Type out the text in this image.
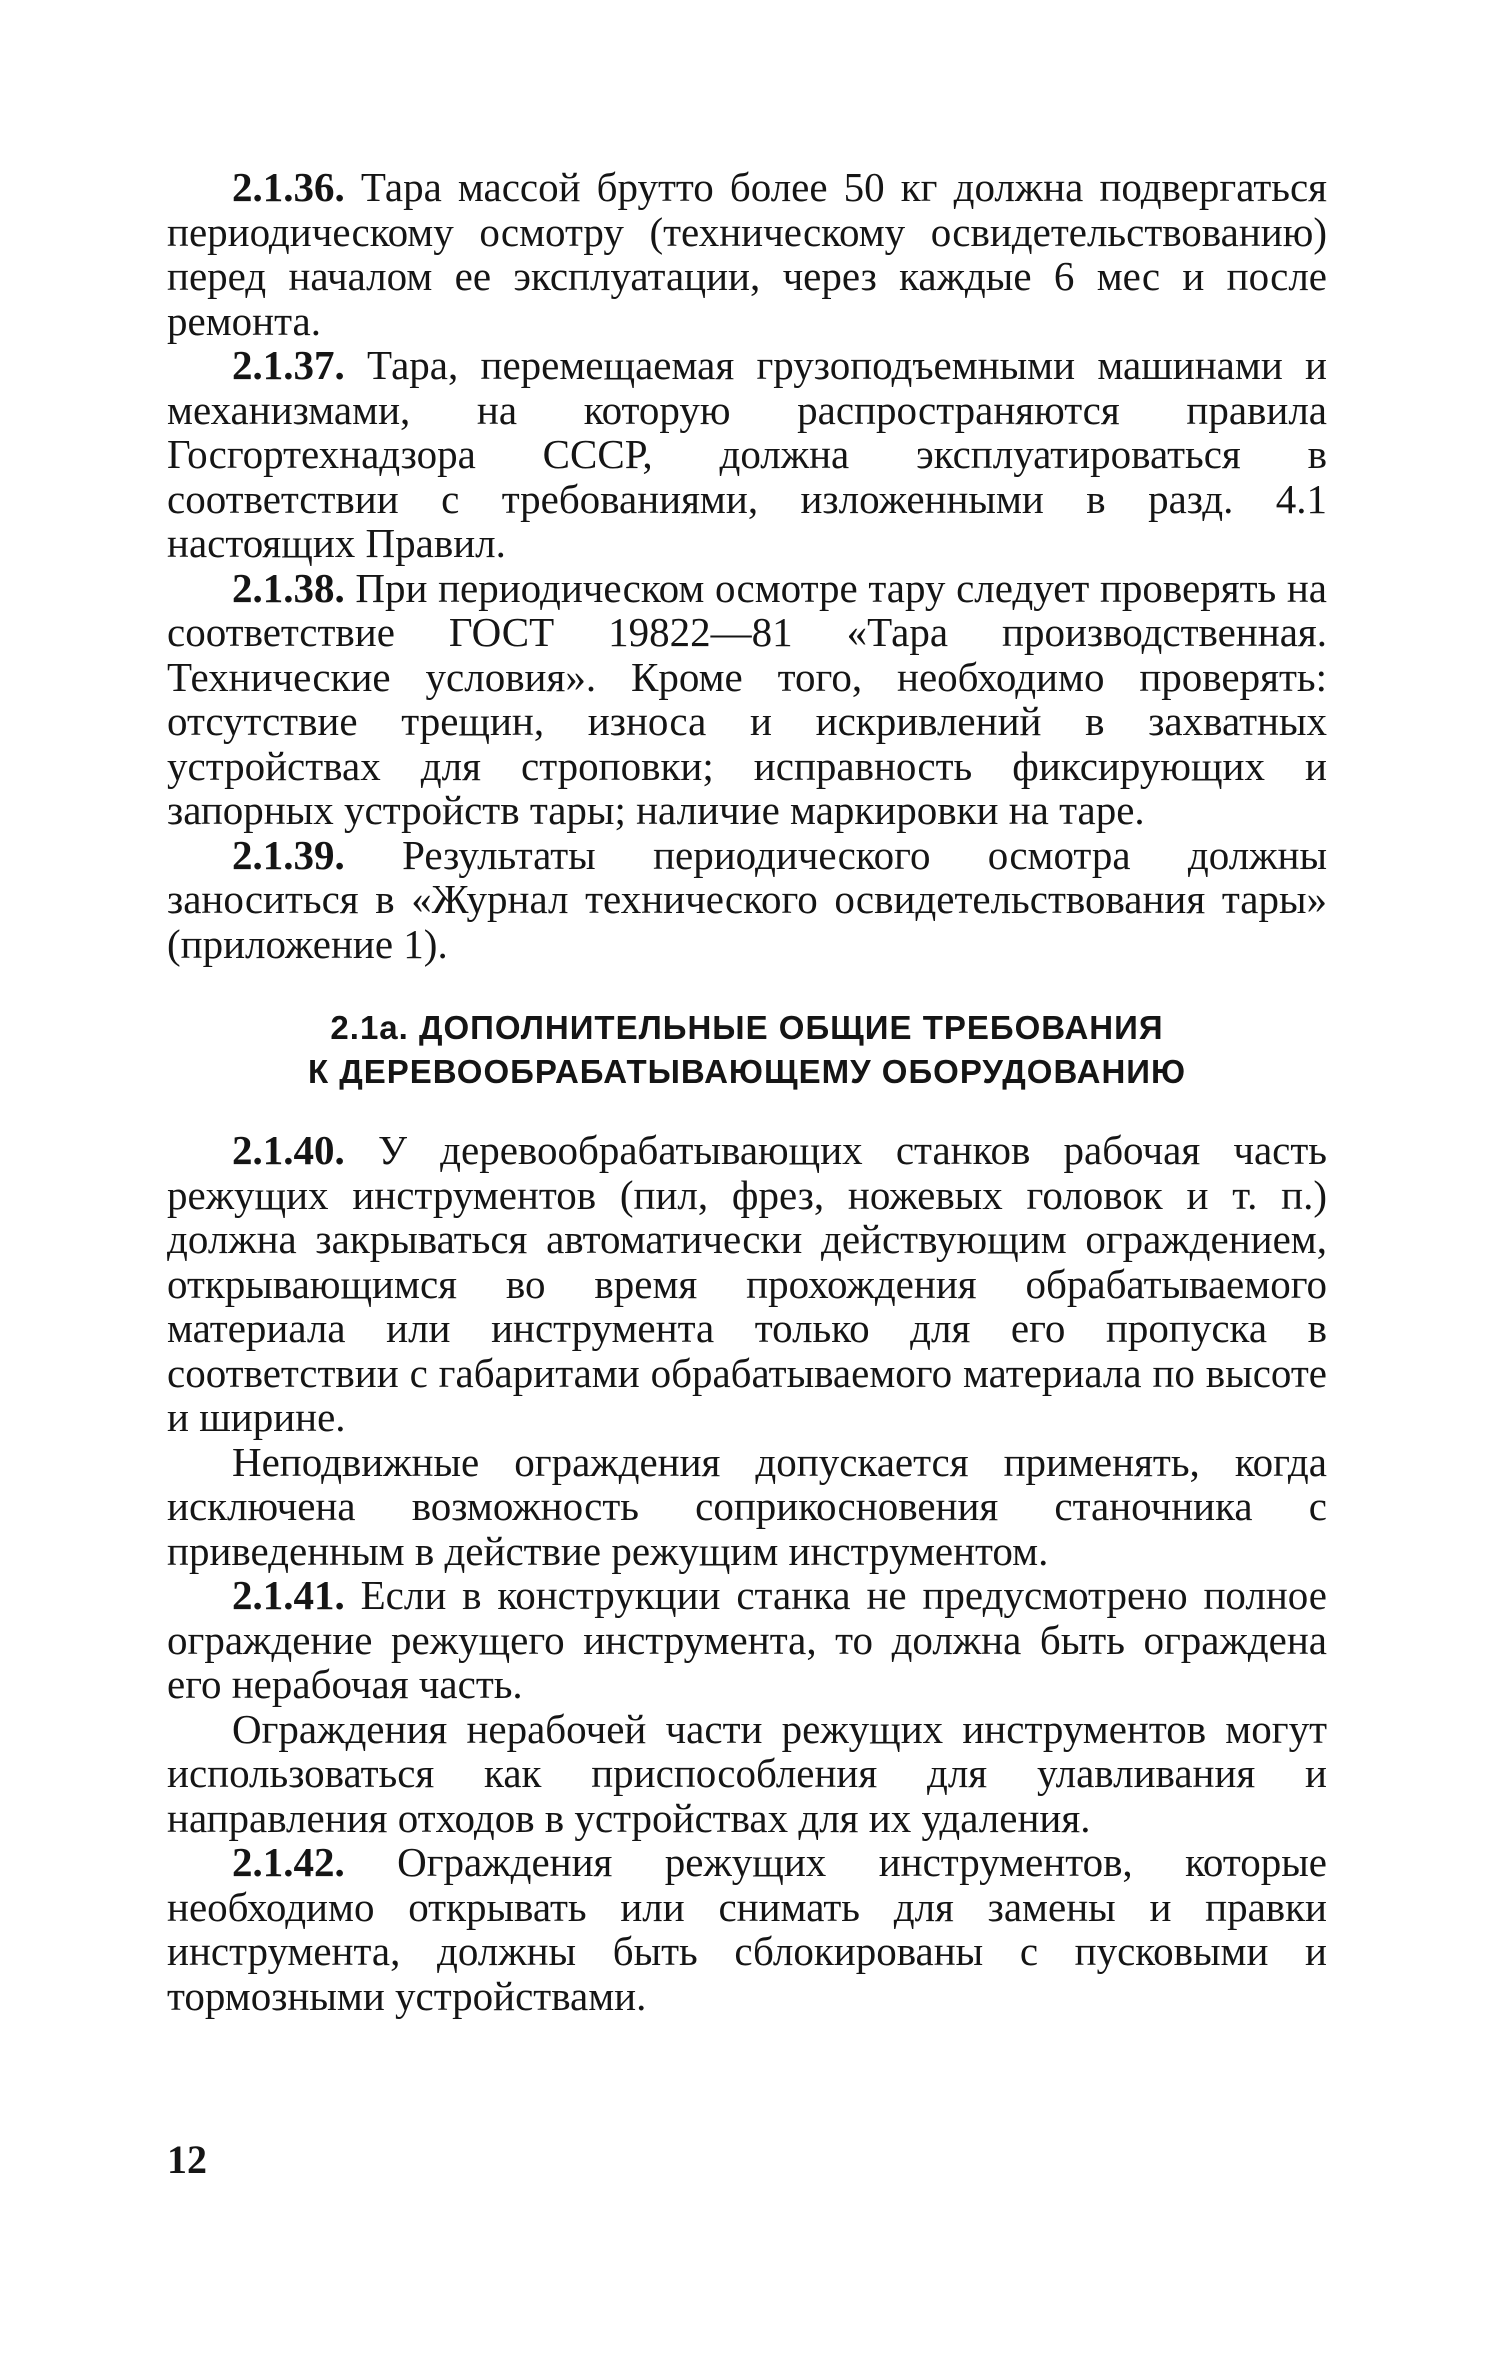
2.1.36. Тара массой брутто более 50 кг должна подвергаться периодическому осмотру (техническому освидетельствованию) перед началом ее эксплуатации, через каждые 6 мес и после ремонта.

2.1.37. Тара, перемещаемая грузоподъемными машинами и механизмами, на которую распространяются правила Госгортехнадзора СССР, должна эксплуатироваться в соответствии с требованиями, изложенными в разд. 4.1 настоящих Правил.

2.1.38. При периодическом осмотре тару следует проверять на соответствие ГОСТ 19822—81 «Тара производственная. Технические условия». Кроме того, необходимо проверять: отсутствие трещин, износа и искривлений в захватных устройствах для строповки; исправность фиксирующих и запорных устройств тары; наличие маркировки на таре.

2.1.39. Результаты периодического осмотра должны заноситься в «Журнал технического освидетельствования тары» (приложение 1).

2.1а. ДОПОЛНИТЕЛЬНЫЕ ОБЩИЕ ТРЕБОВАНИЯ

К ДЕРЕВООБРАБАТЫВАЮЩЕМУ ОБОРУДОВАНИЮ

2.1.40. У деревообрабатывающих станков рабочая часть режущих инструментов (пил, фрез, ножевых головок и т. п.) должна закрываться автоматически действующим ограждением, открывающимся во время прохождения обрабатываемого материала или инструмента только для его пропуска в соответствии с габаритами обрабатываемого материала по высоте и ширине.

Неподвижные ограждения допускается применять, когда исключена возможность соприкосновения станочника с приведенным в действие режущим инструментом.

2.1.41. Если в конструкции станка не предусмотрено полное ограждение режущего инструмента, то должна быть ограждена его нерабочая часть.

Ограждения нерабочей части режущих инструментов могут использоваться как приспособления для улавливания и направления отходов в устройствах для их удаления.

2.1.42. Ограждения режущих инструментов, которые необходимо открывать или снимать для замены и правки инструмента, должны быть сблокированы с пусковыми и тормозными устройствами.

12
